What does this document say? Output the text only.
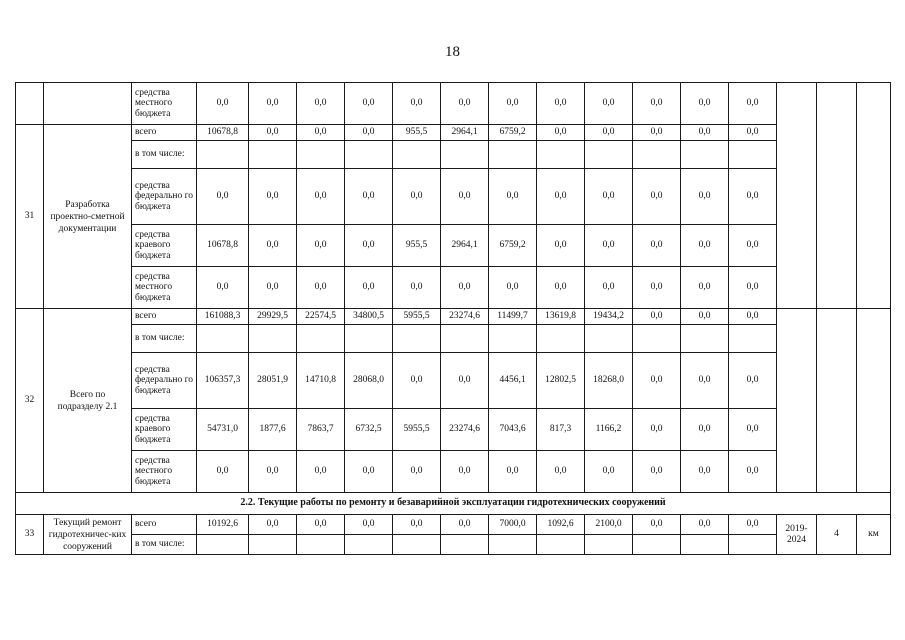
18
		средства местного бюджета	0,0	0,0	0,0	0,0	0,0	0,0	0,0	0,0	0,0	0,0	0,0	0,0				
31	Разработка проектно-сметной документации	всего	10678,8	0,0	0,0	0,0	955,5	2964,1	6759,2	0,0	0,0	0,0	0,0	0,0			
		в том числе:																
		средства федерально го бюджета	0,0	0,0	0,0	0,0	0,0	0,0	0,0	0,0	0,0	0,0	0,0	0,0				
		средства краевого бюджета	10678,8	0,0	0,0	0,0	955,5	2964,1	6759,2	0,0	0,0	0,0	0,0	0,0				
		средства местного бюджета	0,0	0,0	0,0	0,0	0,0	0,0	0,0	0,0	0,0	0,0	0,0	0,0				
32	Всего по подразделу 2.1	всего	161088,3	29929,5	22574,5	34800,5	5955,5	23274,6	11499,7	13619,8	19434,2	0,0	0,0	0,0				
		в том числе:																
		средства федерально го бюджета	106357,3	28051,9	14710,8	28068,0	0,0	0,0	4456,1	12802,5	18268,0	0,0	0,0	0,0				
		средства краевого бюджета	54731,0	1877,6	7863,7	6732,5	5955,5	23274,6	7043,6	817,3	1166,2	0,0	0,0	0,0				
		средства местного бюджета	0,0	0,0	0,0	0,0	0,0	0,0	0,0	0,0	0,0	0,0	0,0	0,0				
2.2. Текущие работы по ремонту и безаварийной эксплуатации гидротехнических сооружений																		
33	Текущий ремонт гидротехничес-ких сооружений	всего	10192,6	0,0	0,0	0,0	0,0	0,0	7000,0	1092,6	2100,0	0,0	0,0	0,0	2019-2024	4	км	
		в том числе:																
